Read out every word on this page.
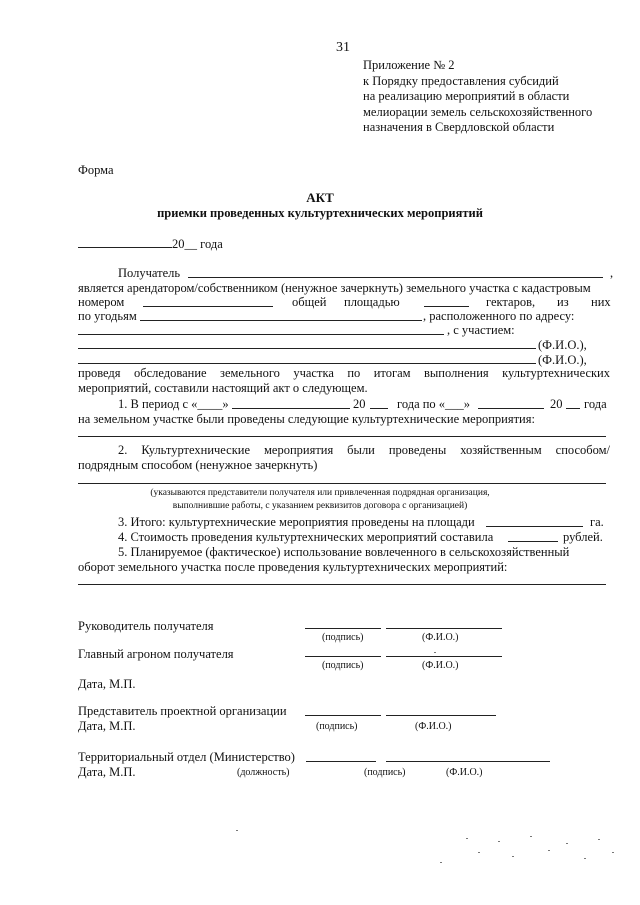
31
Приложение № 2
к Порядку предоставления субсидий
на реализацию мероприятий в области
мелиорации земель сельскохозяйственного
назначения в Свердловской области
Форма
АКТ
приемки проведенных культуртехнических мероприятий
20__ года
Получатель	,
является арендатором/собственником (ненужное зачеркнуть) земельного участка с кадастровым
номером	общей площадью	гектаров, из них
по угодьям	, расположенного по адресу:
, с участием:
(Ф.И.О.),
(Ф.И.О.),
проведя обследование земельного участка по итогам выполнения культуртехнических
мероприятий, составили настоящий акт о следующем.
1. В период с «____»	20	года по «___»	20 года
на земельном участке были проведены следующие культуртехнические мероприятия:
2. Культуртехнические мероприятия были проведены хозяйственным способом/
подрядным способом (ненужное зачеркнуть)
(указываются представители получателя или привлеченная подрядная организация,
выполнившие работы, с указанием реквизитов договора с организацией)
3. Итого: культуртехнические мероприятия проведены на площади	га.
4. Стоимость проведения культуртехнических мероприятий составила	рублей.
5. Планируемое (фактическое) использование вовлеченного в сельскохозяйственный
оборот земельного участка после проведения культуртехнических мероприятий:
Руководитель получателя
(подпись)	(Ф.И.О.)
Главный агроном получателя
(подпись)	(Ф.И.О.)
Дата, М.П.
Представитель проектной организации
Дата, М.П.	(подпись)	(Ф.И.О.)
Территориальный отдел (Министерство)
Дата, М.П.	(должность)	(подпись)	(Ф.И.О.)
